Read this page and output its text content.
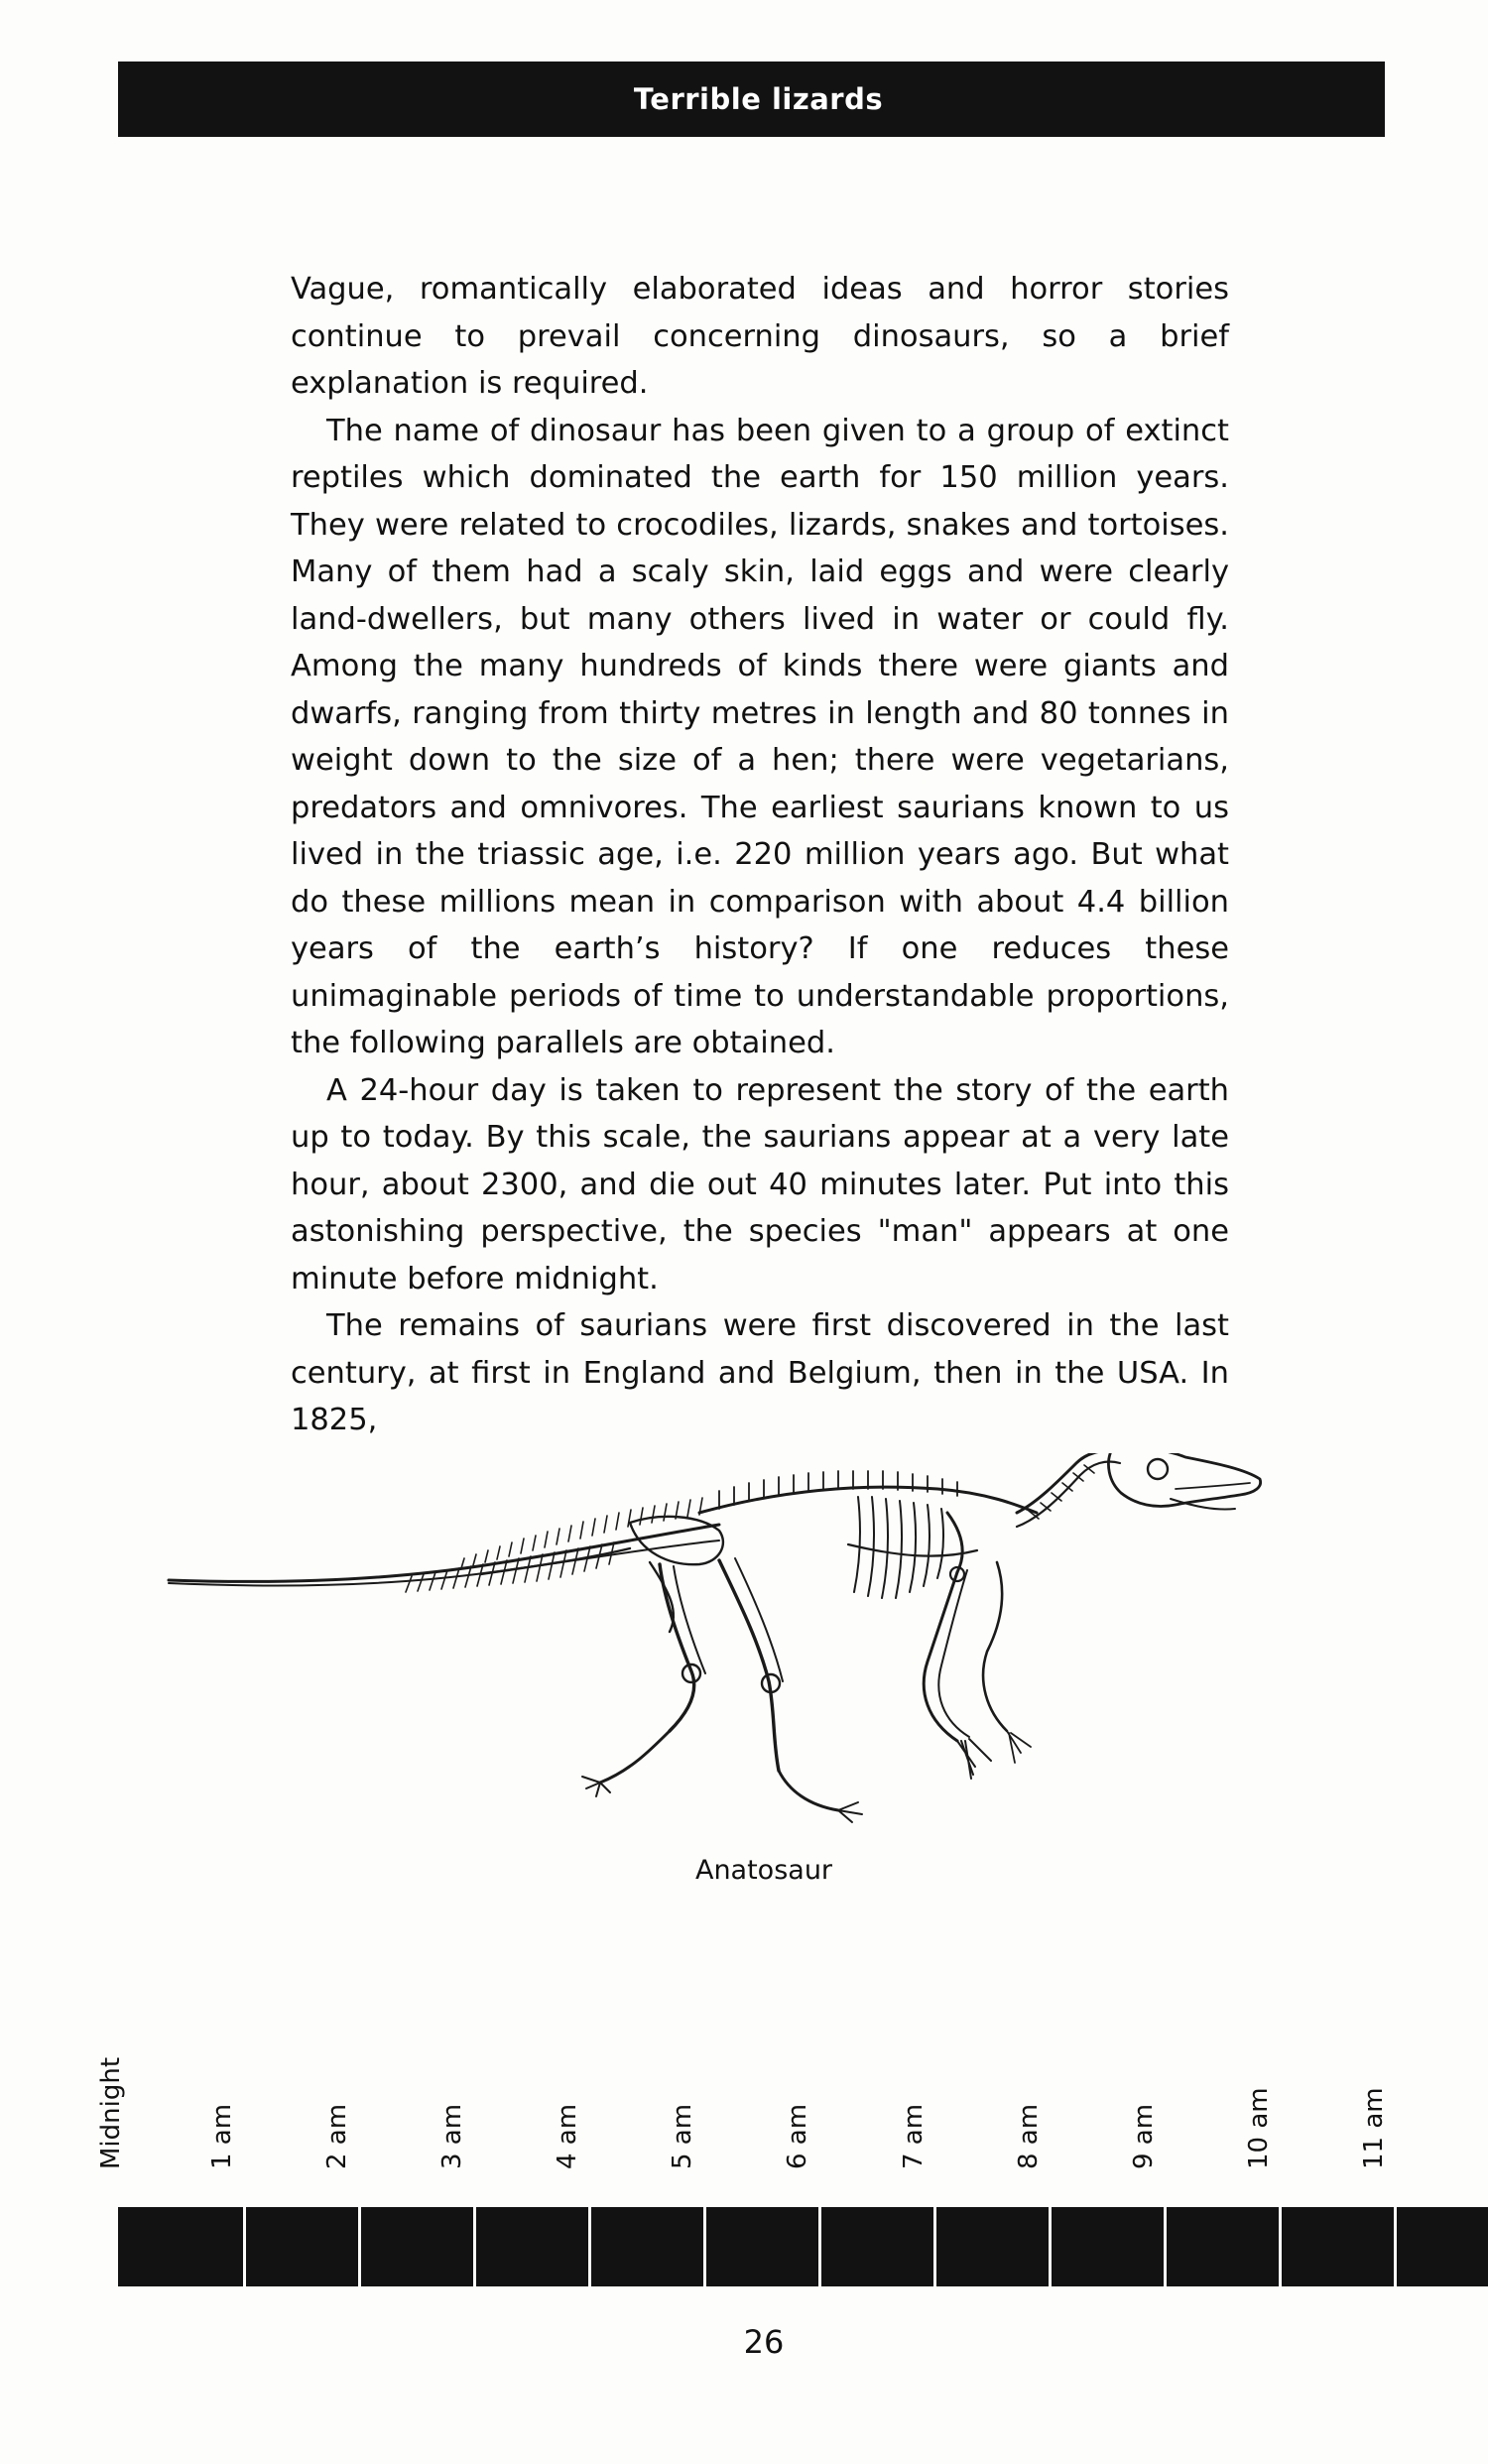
Terrible lizards

Vague, romantically elaborated ideas and horror stories continue to prevail concerning dinosaurs, so a brief explanation is required.

The name of dinosaur has been given to a group of extinct reptiles which dominated the earth for 150 million years. They were related to crocodiles, lizards, snakes and tortoises. Many of them had a scaly skin, laid eggs and were clearly land-dwellers, but many others lived in water or could fly. Among the many hundreds of kinds there were giants and dwarfs, ranging from thirty metres in length and 80 tonnes in weight down to the size of a hen; there were vegetarians, predators and omnivores. The earliest saurians known to us lived in the triassic age, i.e. 220 million years ago. But what do these millions mean in comparison with about 4.4 billion years of the earth’s history? If one reduces these unimaginable periods of time to understandable proportions, the following parallels are obtained.

A 24-hour day is taken to represent the story of the earth up to today. By this scale, the saurians appear at a very late hour, about 2300, and die out 40 minutes later. Put into this astonishing perspective, the species "man" appears at one minute before midnight.

The remains of saurians were first discovered in the last century, at first in England and Belgium, then in the USA. In 1825,

Anatosaur
Midnight	1 am	2 am	3 am	4 am	5 am	6 am	7 am	8 am	9 am	10 am	11 am
26
